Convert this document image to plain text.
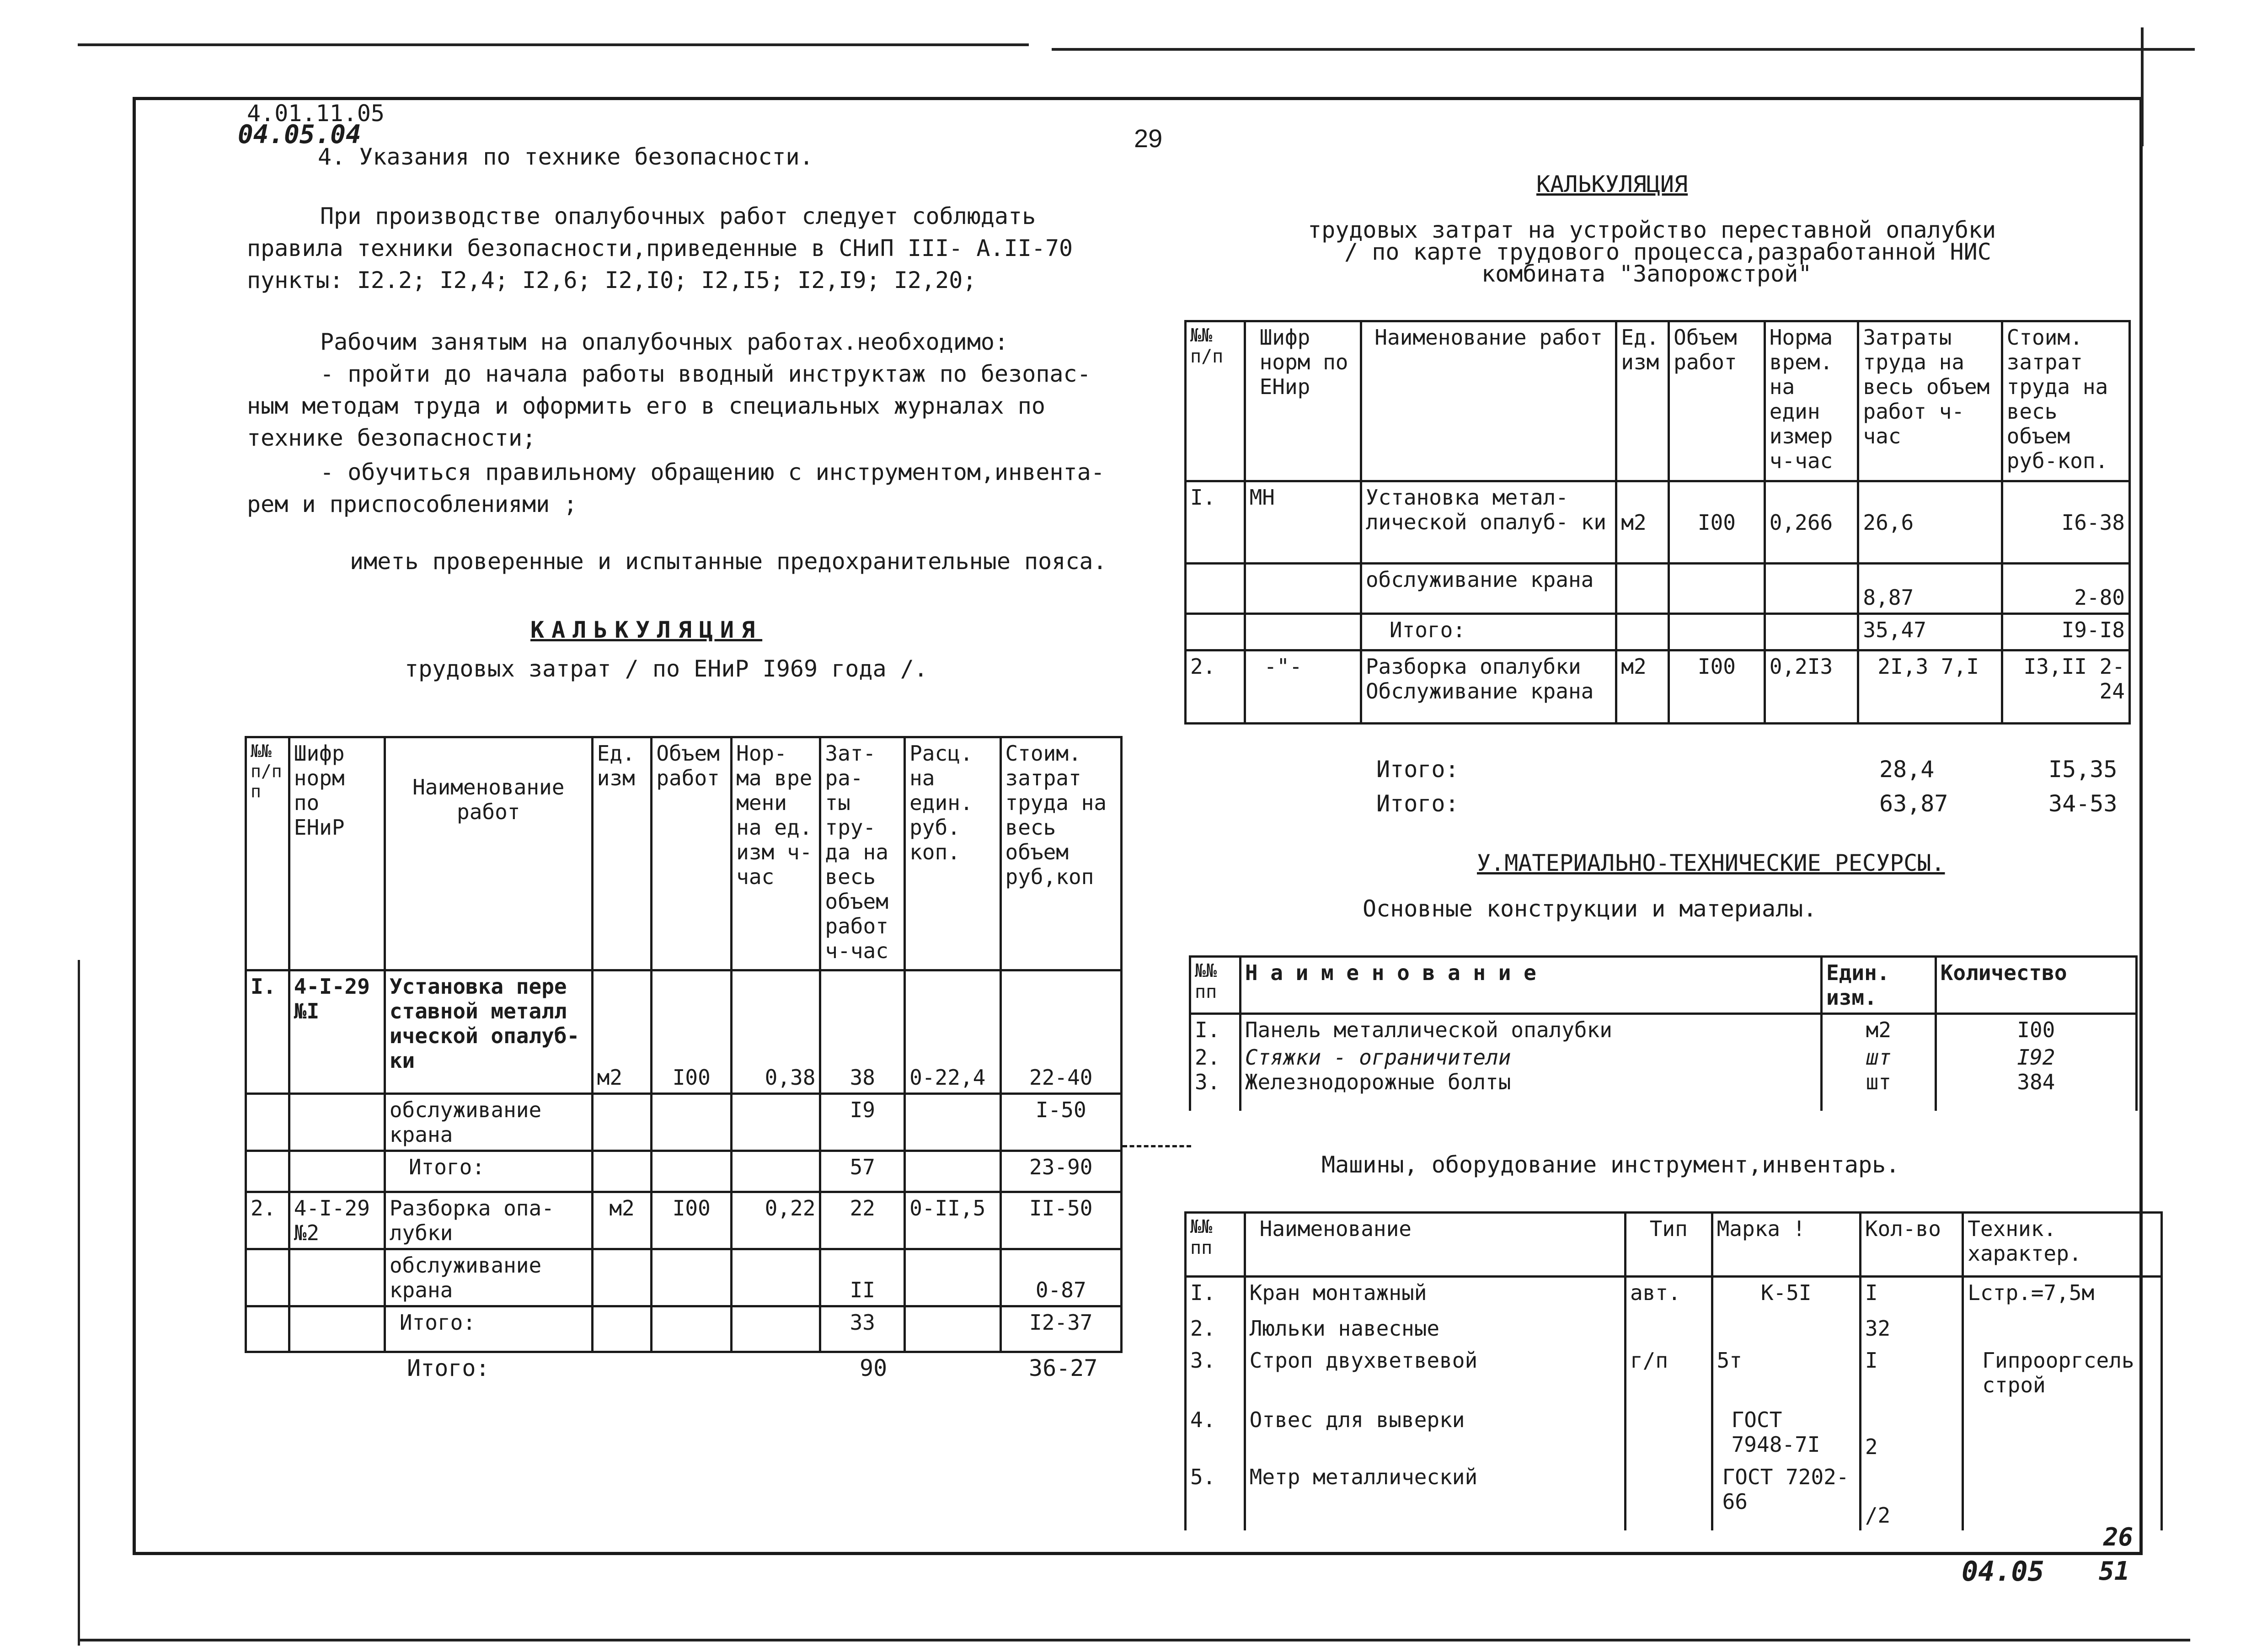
4.01.11.05
04.05.04	29
4. Указания по технике безопасности.
При производстве опалубочных работ следует соблюдать
правила техники безопасности,приведенные в СНиП III- А.II-70
пункты: I2.2; I2,4; I2,6; I2,I0; I2,I5; I2,I9; I2,20;
Рабочим занятым на опалубочных работах.необходимо:
- пройти до начала работы вводный инструктаж по безопас-
ным методам труда и оформить его в специальных журналах по
технике безопасности;
- обучиться правильному обращению с инструментом,инвента-
рем и приспособлениями ;
иметь проверенные и испытанные предохранительные пояса.
КАЛЬКУЛЯЦИЯ
трудовых затрат / по ЕНиР I969 года /.
№№ п/п п	Шифр норм по ЕНиР	Наименование работ	Ед. изм	Объем работ	Нор- ма вре мени на ед. изм ч-час	Зат- ра- ты тру- да на весь объем работ ч-час	Расц. на един. руб. коп.	Стоим. затрат труда на весь объем руб,коп
I.	4-I-29 №I	Установка пере ставной металл ической опалуб- ки	м2	I00	0,38	38	0-22,4	22-40
		обслуживание крана				I9		I-50
		Итого:				57		23-90
2.	4-I-29 №2	Разборка опа- лубки	м2	I00	0,22	22	0-II,5	II-50
		обслуживание крана				II		0-87
		Итого:				33		I2-37
Итого:	90	36-27
КАЛЬКУЛЯЦИЯ
трудовых затрат на устройство переставной опалубки
/ по карте трудового процесса,разработанной НИС
комбината "Запорожстрой"
№№ п/п	Шифр норм по ЕНир	Наименование работ	Ед. изм	Объем работ	Норма врем. на един измер ч-час	Затраты труда на весь объем работ ч-час	Стоим. затрат труда на весь объем руб-коп.
I.	МН	Установка метал- лической опалуб- ки	м2	I00	0,266	26,6	I6-38
		обслуживание крана				8,87	2-80
		Итого:				35,47	I9-I8
2.	-"-	Разборка опалубки Обслуживание крана	м2	I00	0,2I3	2I,3 7,I	I3,II 2-24
Итого:	28,4	I5,35
Итого:	63,87	34-53
У.МАТЕРИАЛЬНО-ТЕХНИЧЕСКИЕ РЕСУРСЫ.
Основные конструкции и материалы.
№№ пп	Н а и м е н о в а н и е	Един. изм.	Количество
I.	Панель металлической опалубки	м2	I00
2.	Стяжки - ограничители	шт	I92
3.	Железнодорожные болты	шт	384
Машины, оборудование инструмент,инвентарь.
№№ пп	Наименование	Тип	Марка !	Кол-во	Техник. характер.
I.	Кран монтажный	авт.	К-5I	I	Lстр.=7,5м
2.	Люльки навесные			32	
3.	Строп двухветвевой	г/п	5т	I	Гипрооргсель строй
4.	Отвес для выверки		ГОСТ 7948-7I	2	
5.	Метр металлический		ГОСТ 7202-66	/2	
26
04.05 51
